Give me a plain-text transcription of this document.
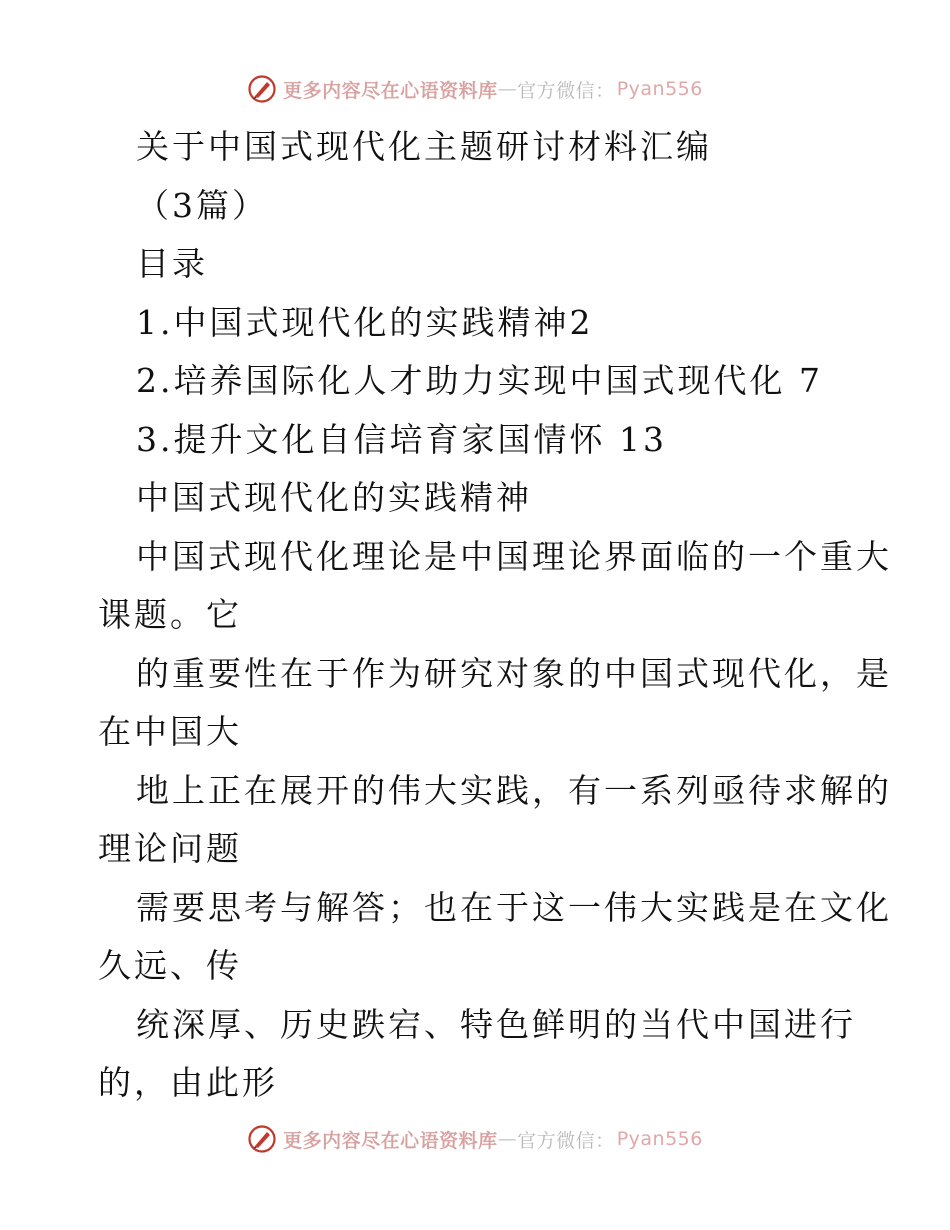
更多内容尽在心语资料库 — 官方微信： Pyan556
关于中国式现代化主题研讨材料汇编
（3篇）
目录
1.中国式现代化的实践精神2
2.培养国际化人才助力实现中国式现代化 7
3.提升文化自信培育家国情怀 13
中国式现代化的实践精神
中国式现代化理论是中国理论界面临的一个重大
课题。它
的重要性在于作为研究对象的中国式现代化，是
在中国大
地上正在展开的伟大实践，有一系列亟待求解的
理论问题
需要思考与解答；也在于这一伟大实践是在文化
久远、传
统深厚、历史跌宕、特色鲜明的当代中国进行
的，由此形
更多内容尽在心语资料库 — 官方微信： Pyan556
